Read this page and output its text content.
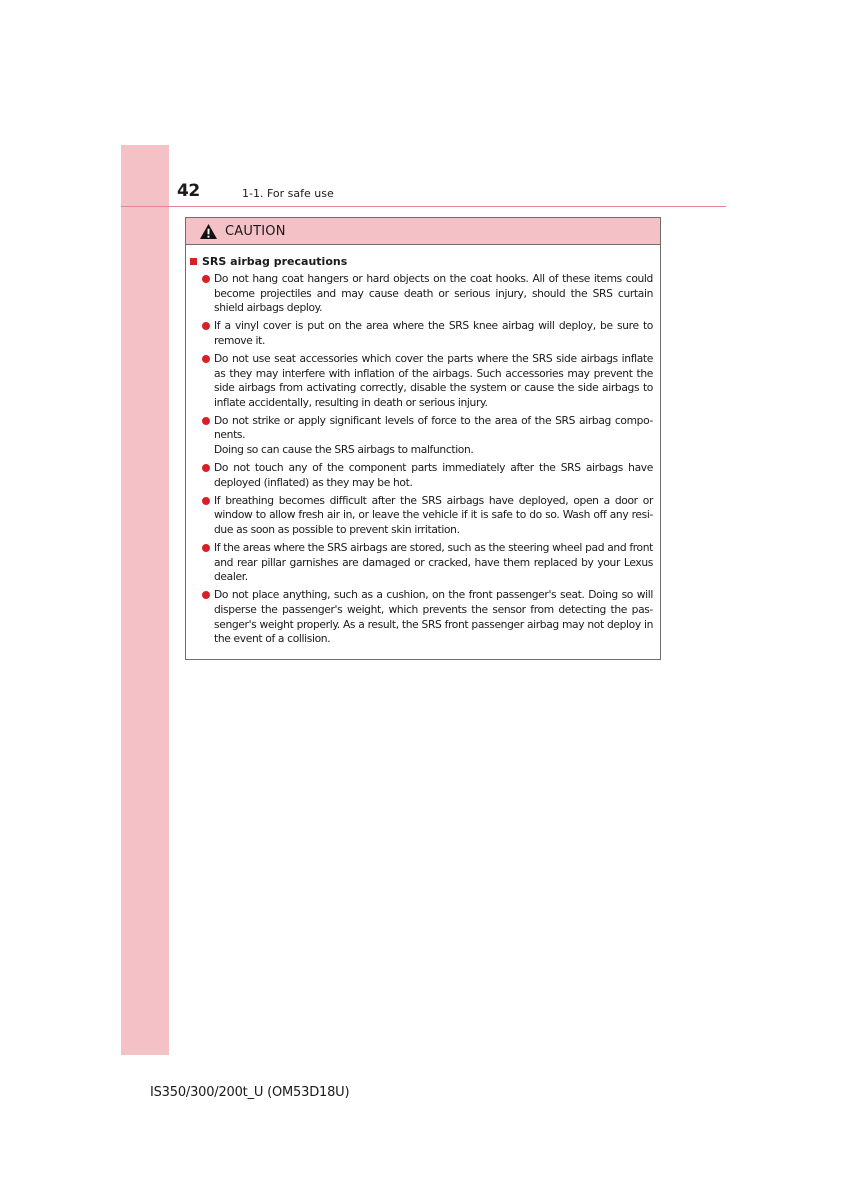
42	1-1. For safe use
CAUTION
SRS airbag precautions
Do not hang coat hangers or hard objects on the coat hooks. All of these items could become projectiles and may cause death or serious injury, should the SRS curtain shield airbags deploy.
If a vinyl cover is put on the area where the SRS knee airbag will deploy, be sure to remove it.
Do not use seat accessories which cover the parts where the SRS side airbags inflate as they may interfere with inflation of the airbags. Such accessories may prevent the side airbags from activating correctly, disable the system or cause the side airbags to inflate accidentally, resulting in death or serious injury.
Do not strike or apply significant levels of force to the area of the SRS airbag compo-nents.
Doing so can cause the SRS airbags to malfunction.
Do not touch any of the component parts immediately after the SRS airbags have deployed (inflated) as they may be hot.
If breathing becomes difficult after the SRS airbags have deployed, open a door or window to allow fresh air in, or leave the vehicle if it is safe to do so. Wash off any resi-due as soon as possible to prevent skin irritation.
If the areas where the SRS airbags are stored, such as the steering wheel pad and front and rear pillar garnishes are damaged or cracked, have them replaced by your Lexus dealer.
Do not place anything, such as a cushion, on the front passenger's seat. Doing so will disperse the passenger's weight, which prevents the sensor from detecting the pas-senger's weight properly. As a result, the SRS front passenger airbag may not deploy in the event of a collision.
IS350/300/200t_U (OM53D18U)
